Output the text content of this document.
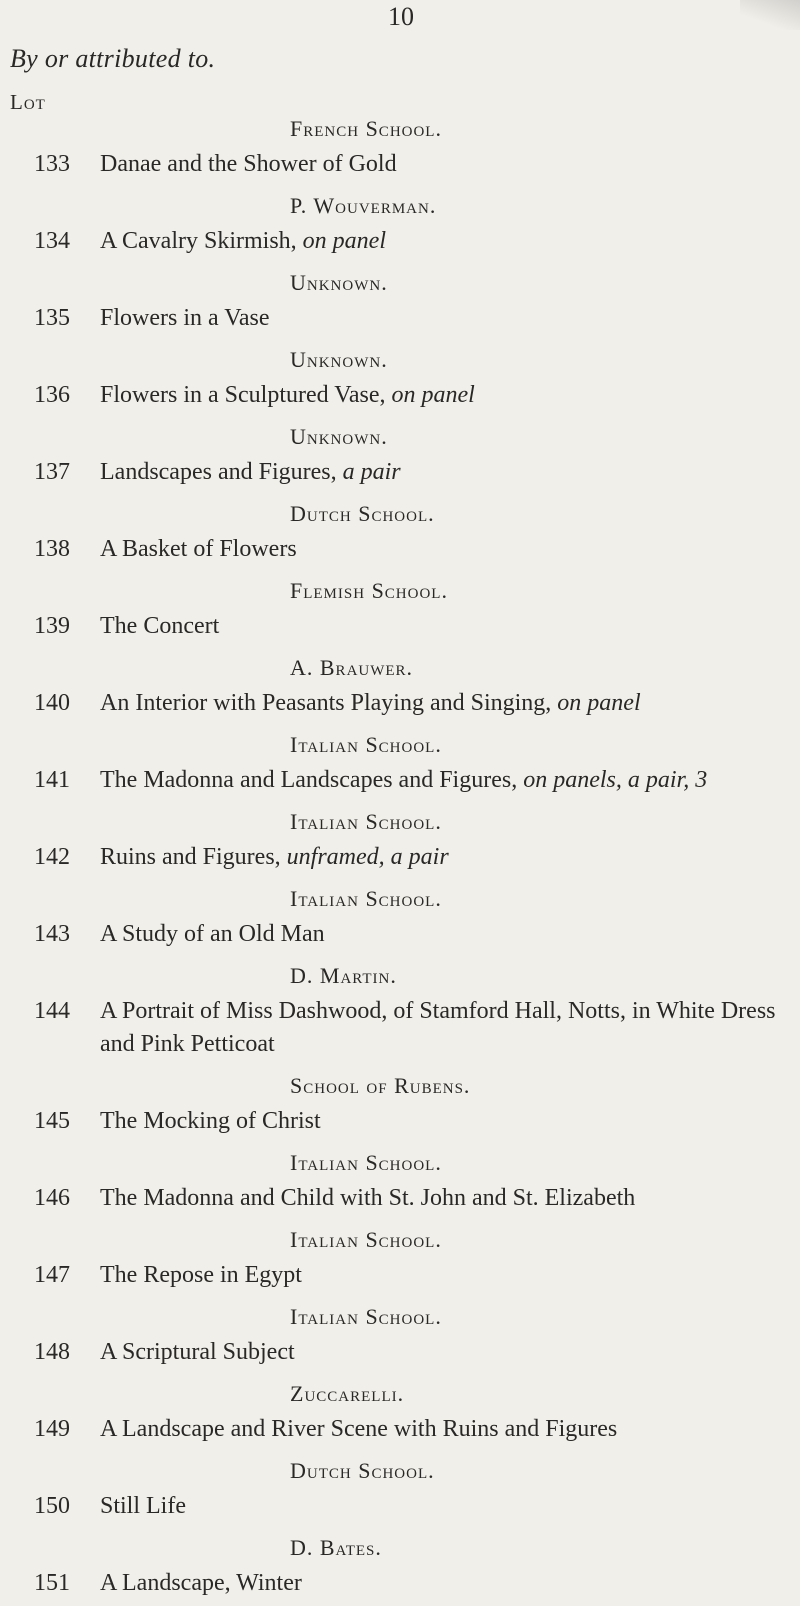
10
By or attributed to.
Lot
French School.
133	Danae and the Shower of Gold
P. Wouverman.
134	A Cavalry Skirmish, on panel
Unknown.
135	Flowers in a Vase
Unknown.
136	Flowers in a Sculptured Vase, on panel
Unknown.
137	Landscapes and Figures, a pair
Dutch School.
138	A Basket of Flowers
Flemish School.
139	The Concert
A. Brauwer.
140	An Interior with Peasants Playing and Singing, on panel
Italian School.
141	The Madonna and Landscapes and Figures, on panels, a pair, 3
Italian School.
142	Ruins and Figures, unframed, a pair
Italian School.
143	A Study of an Old Man
D. Martin.
144	A Portrait of Miss Dashwood, of Stamford Hall, Notts, in White Dress and Pink Petticoat
School of Rubens.
145	The Mocking of Christ
Italian School.
146	The Madonna and Child with St. John and St. Elizabeth
Italian School.
147	The Repose in Egypt
Italian School.
148	A Scriptural Subject
Zuccarelli.
149	A Landscape and River Scene with Ruins and Figures
Dutch School.
150	Still Life
D. Bates.
151	A Landscape, Winter
